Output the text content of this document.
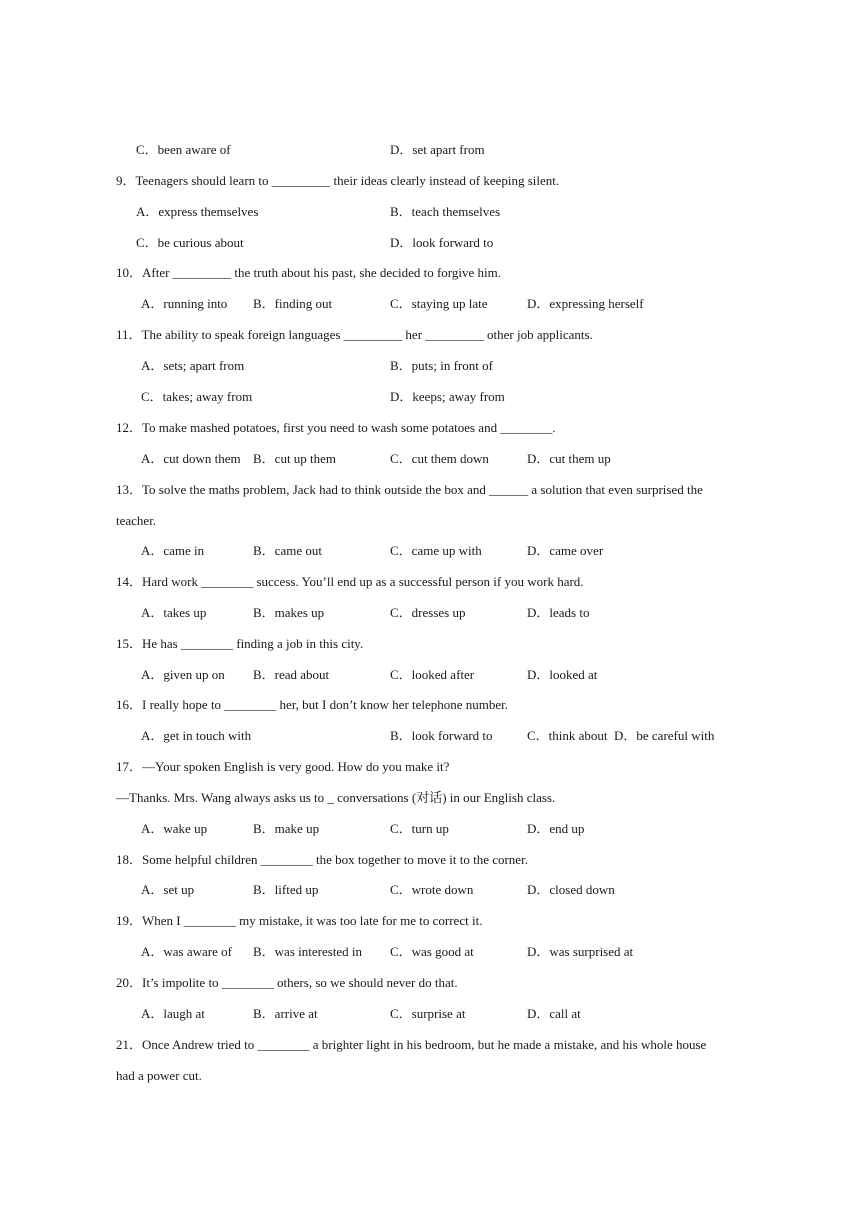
C．been aware of	D．set apart from
9．Teenagers should learn to _________ their ideas clearly instead of keeping silent.
A．express themselves	B．teach themselves
C．be curious about	D．look forward to
10．After _________ the truth about his past, she decided to forgive him.
A．running into B．finding out	C．staying up late	D．expressing herself
11．The ability to speak foreign languages _________ her _________ other job applicants.
A．sets; apart from	B．puts; in front of
C．takes; away from	D．keeps; away from
12．To make mashed potatoes, first you need to wash some potatoes and ________.
A．cut down them B．cut up them	C．cut them down	D．cut them up
13．To solve the maths problem, Jack had to think outside the box and ______ a solution that even surprised the
teacher.
A．came in	B．came out	C．came up with	D．came over
14．Hard work ________ success. You’ll end up as a successful person if you work hard.
A．takes up	B．makes up	C．dresses up	D．leads to
15．He has ________ finding a job in this city.
A．given up on B．read about	C．looked after	D．looked at
16．I really hope to ________ her, but I don’t know her telephone number.
A．get in touch with	B．look forward to	C．think about D．be careful with
17．—Your spoken English is very good. How do you make it?
—Thanks. Mrs. Wang always asks us to _ conversations (对话) in our English class.
A．wake up	B．make up	C．turn up	D．end up
18．Some helpful children ________ the box together to move it to the corner.
A．set up	B．lifted up	C．wrote down	D．closed down
19．When I ________ my mistake, it was too late for me to correct it.
A．was aware of B．was interested in C．was good at	D．was surprised at
20．It’s impolite to ________ others, so we should never do that.
A．laugh at	B．arrive at	C．surprise at	D．call at
21．Once Andrew tried to ________ a brighter light in his bedroom, but he made a mistake, and his whole house
had a power cut.
